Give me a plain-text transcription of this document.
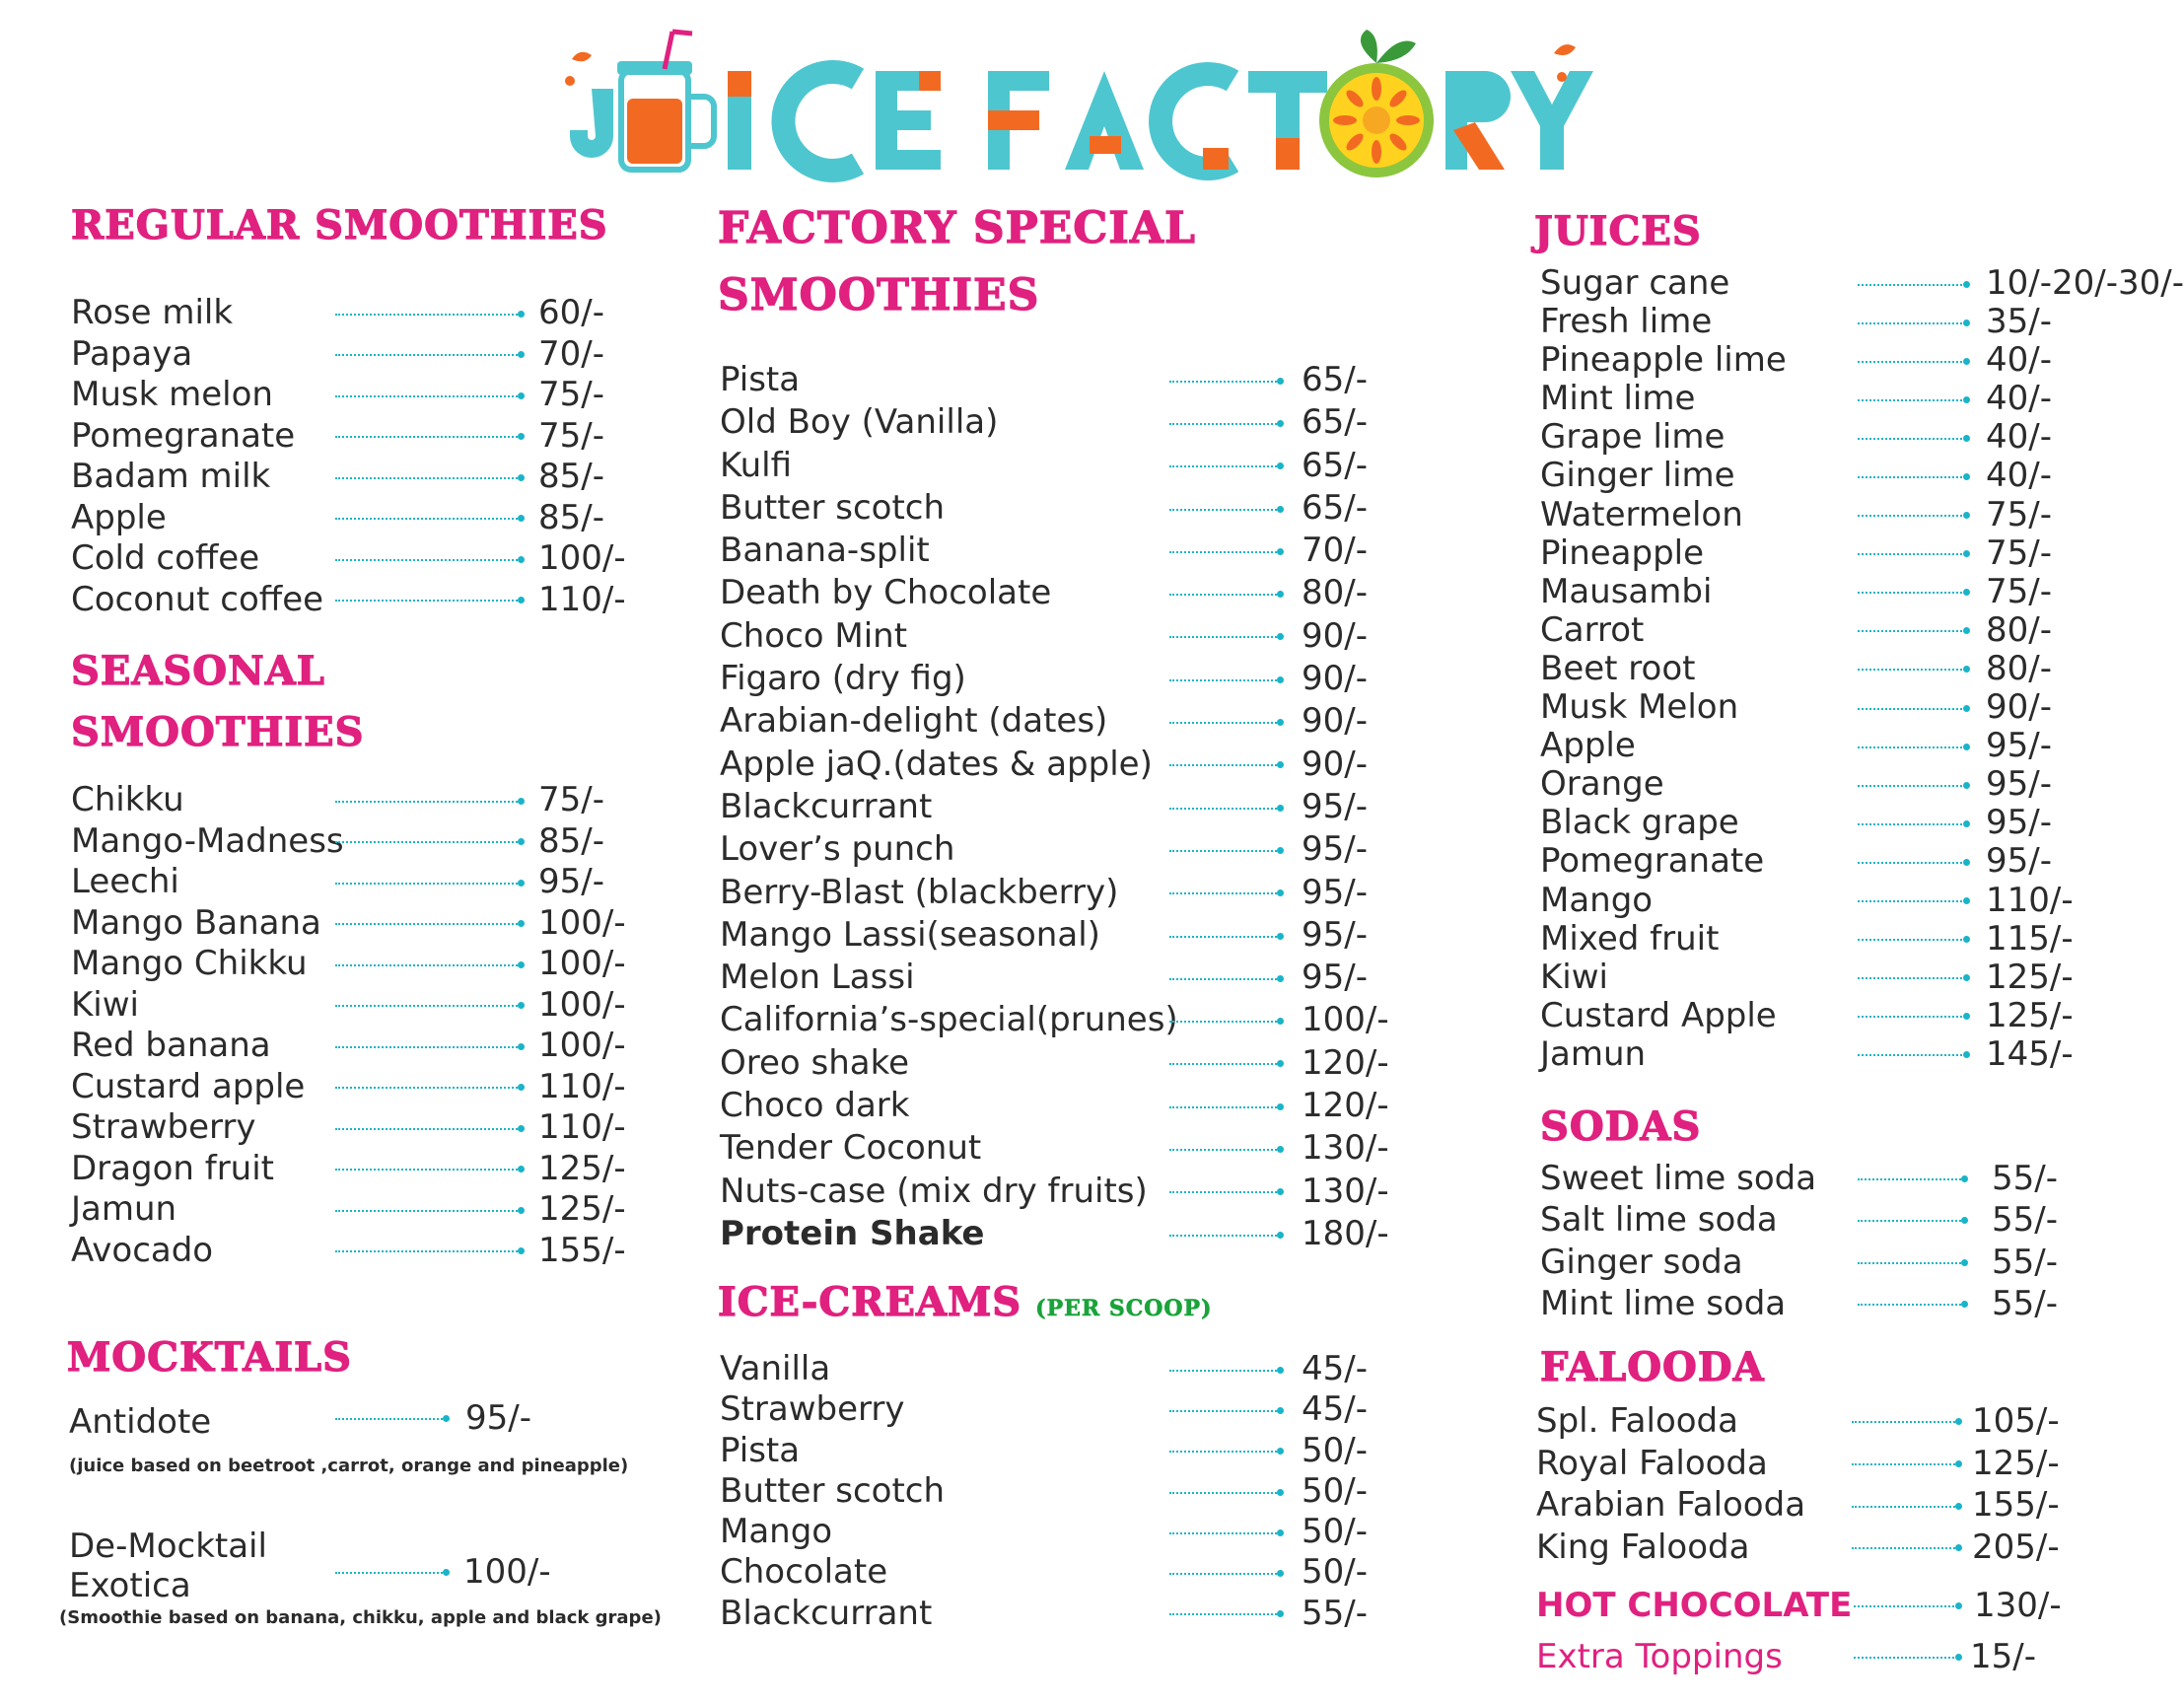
REGULAR SMOOTHIES
Rose milk	60/-
Papaya	70/-
Musk melon	75/-
Pomegranate	75/-
Badam milk	85/-
Apple	85/-
Cold coffee	100/-
Coconut coffee	110/-
SEASONAL
SMOOTHIES
Chikku	75/-
Mango-Madness	85/-
Leechi	95/-
Mango Banana	100/-
Mango Chikku	100/-
Kiwi	100/-
Red banana	100/-
Custard apple	110/-
Strawberry	110/-
Dragon fruit	125/-
Jamun	125/-
Avocado	155/-
MOCKTAILS
Antidote	95/-
(juice based on beetroot ,carrot, orange and pineapple)
De-Mocktail
Exotica	100/-
(Smoothie based on banana, chikku, apple and black grape)
FACTORY SPECIAL
SMOOTHIES
Pista	65/-
Old Boy (Vanilla)	65/-
Kulfi	65/-
Butter scotch	65/-
Banana-split	70/-
Death by Chocolate	80/-
Choco Mint	90/-
Figaro (dry fig)	90/-
Arabian-delight (dates)	90/-
Apple jaQ.(dates & apple)	90/-
Blackcurrant	95/-
Lover’s punch	95/-
Berry-Blast (blackberry)	95/-
Mango Lassi(seasonal)	95/-
Melon Lassi	95/-
California’s-special(prunes)	100/-
Oreo shake	120/-
Choco dark	120/-
Tender Coconut	130/-
Nuts-case (mix dry fruits)	130/-
Protein Shake	180/-
ICE-CREAMS (PER SCOOP)
Vanilla	45/-
Strawberry	45/-
Pista	50/-
Butter scotch	50/-
Mango	50/-
Chocolate	50/-
Blackcurrant	55/-
JUICES
Sugar cane	10/-20/-30/-
Fresh lime	35/-
Pineapple lime	40/-
Mint lime	40/-
Grape lime	40/-
Ginger lime	40/-
Watermelon	75/-
Pineapple	75/-
Mausambi	75/-
Carrot	80/-
Beet root	80/-
Musk Melon	90/-
Apple	95/-
Orange	95/-
Black grape	95/-
Pomegranate	95/-
Mango	110/-
Mixed fruit	115/-
Kiwi	125/-
Custard Apple	125/-
Jamun	145/-
SODAS
Sweet lime soda	55/-
Salt lime soda	55/-
Ginger soda	55/-
Mint lime soda	55/-
FALOODA
Spl. Falooda	105/-
Royal Falooda	125/-
Arabian Falooda	155/-
King Falooda	205/-
HOT CHOCOLATE	130/-
Extra Toppings	15/-
